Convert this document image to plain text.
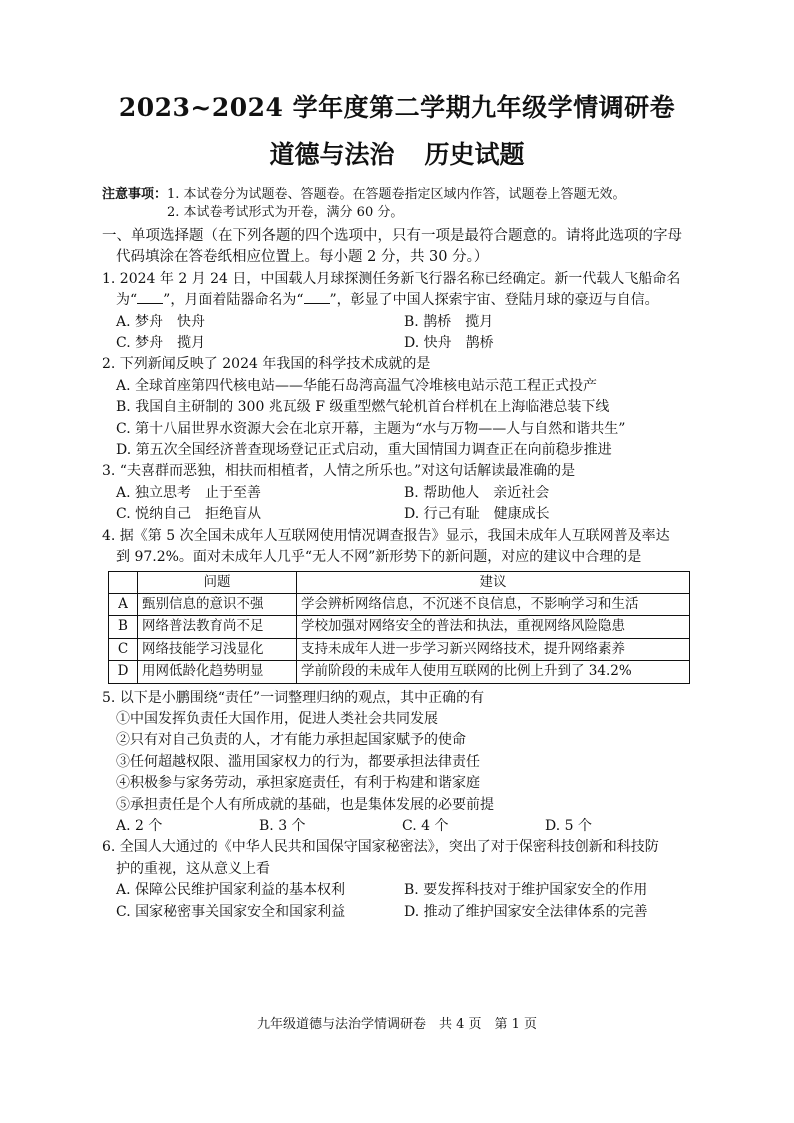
2023~2024 学年度第二学期九年级学情调研卷
道德与法治 历史试题
注意事项： 1. 本试卷分为试题卷、答题卷。在答题卷指定区域内作答，试题卷上答题无效。
2. 本试卷考试形式为开卷，满分 60 分。
一、单项选择题（在下列各题的四个选项中，只有一项是最符合题意的。请将此选项的字母
代码填涂在答卷纸相应位置上。每小题 2 分，共 30 分。）
1. 2024 年 2 月 24 日，中国载人月球探测任务新飞行器名称已经确定。新一代载人飞船命名
为“ ”，月面着陆器命名为“ ”，彰显了中国人探索宇宙、登陆月球的豪迈与自信。
A. 梦舟　快舟	B. 鹊桥　揽月
C. 梦舟　揽月	D. 快舟　鹊桥
2. 下列新闻反映了 2024 年我国的科学技术成就的是
A. 全球首座第四代核电站——华能石岛湾高温气冷堆核电站示范工程正式投产
B. 我国自主研制的 300 兆瓦级 F 级重型燃气轮机首台样机在上海临港总装下线
C. 第十八届世界水资源大会在北京开幕，主题为“水与万物——人与自然和谐共生”
D. 第五次全国经济普查现场登记正式启动，重大国情国力调查正在向前稳步推进
3. “夫喜群而恶独，相扶而相植者，人情之所乐也。”对这句话解读最准确的是
A. 独立思考　止于至善	B. 帮助他人　亲近社会
C. 悦纳自己　拒绝盲从	D. 行己有耻　健康成长
4. 据《第 5 次全国未成年人互联网使用情况调查报告》显示，我国未成年人互联网普及率达
到 97.2%。面对未成年人几乎“无人不网”新形势下的新问题，对应的建议中合理的是
	问题	建议
A	甄别信息的意识不强	学会辨析网络信息，不沉迷不良信息，不影响学习和生活
B	网络普法教育尚不足	学校加强对网络安全的普法和执法，重视网络风险隐患
C	网络技能学习浅显化	支持未成年人进一步学习新兴网络技术，提升网络素养
D	用网低龄化趋势明显	学前阶段的未成年人使用互联网的比例上升到了 34.2%
5. 以下是小鹏围绕“责任”一词整理归纳的观点，其中正确的有
①中国发挥负责任大国作用，促进人类社会共同发展
②只有对自己负责的人，才有能力承担起国家赋予的使命
③任何超越权限、滥用国家权力的行为，都要承担法律责任
④积极参与家务劳动，承担家庭责任，有利于构建和谐家庭
⑤承担责任是个人有所成就的基础，也是集体发展的必要前提
A. 2 个	B. 3 个	C. 4 个	D. 5 个
6. 全国人大通过的《中华人民共和国保守国家秘密法》，突出了对于保密科技创新和科技防
护的重视，这从意义上看
A. 保障公民维护国家利益的基本权利	B. 要发挥科技对于维护国家安全的作用
C. 国家秘密事关国家安全和国家利益	D. 推动了维护国家安全法律体系的完善
九年级道德与法治学情调研卷　共 4 页　第 1 页
